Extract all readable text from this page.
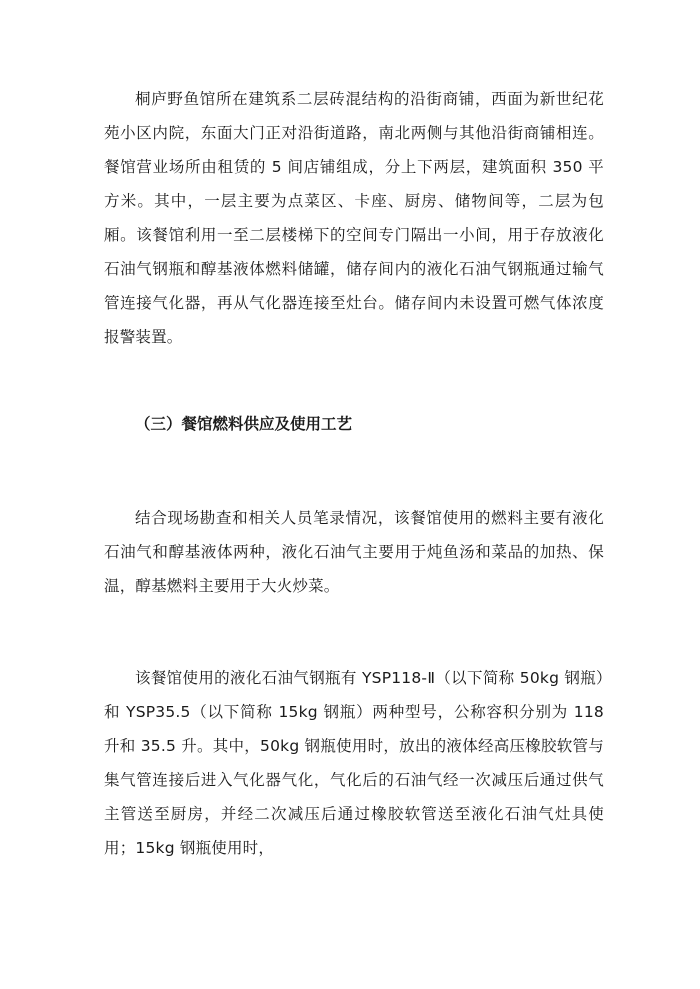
桐庐野鱼馆所在建筑系二层砖混结构的沿街商铺，西面为新世纪花苑小区内院，东面大门正对沿街道路，南北两侧与其他沿街商铺相连。餐馆营业场所由租赁的 5 间店铺组成，分上下两层，建筑面积 350 平方米。其中，一层主要为点菜区、卡座、厨房、储物间等，二层为包厢。该餐馆利用一至二层楼梯下的空间专门隔出一小间，用于存放液化石油气钢瓶和醇基液体燃料储罐，储存间内的液化石油气钢瓶通过输气管连接气化器，再从气化器连接至灶台。储存间内未设置可燃气体浓度报警装置。

（三）餐馆燃料供应及使用工艺

结合现场勘查和相关人员笔录情况，该餐馆使用的燃料主要有液化石油气和醇基液体两种，液化石油气主要用于炖鱼汤和菜品的加热、保温，醇基燃料主要用于大火炒菜。

该餐馆使用的液化石油气钢瓶有 YSP118-Ⅱ（以下简称 50kg 钢瓶）和 YSP35.5（以下简称 15kg 钢瓶）两种型号，公称容积分别为 118 升和 35.5 升。其中，50kg 钢瓶使用时，放出的液体经高压橡胶软管与集气管连接后进入气化器气化，气化后的石油气经一次减压后通过供气主管送至厨房，并经二次减压后通过橡胶软管送至液化石油气灶具使用；15kg 钢瓶使用时，
